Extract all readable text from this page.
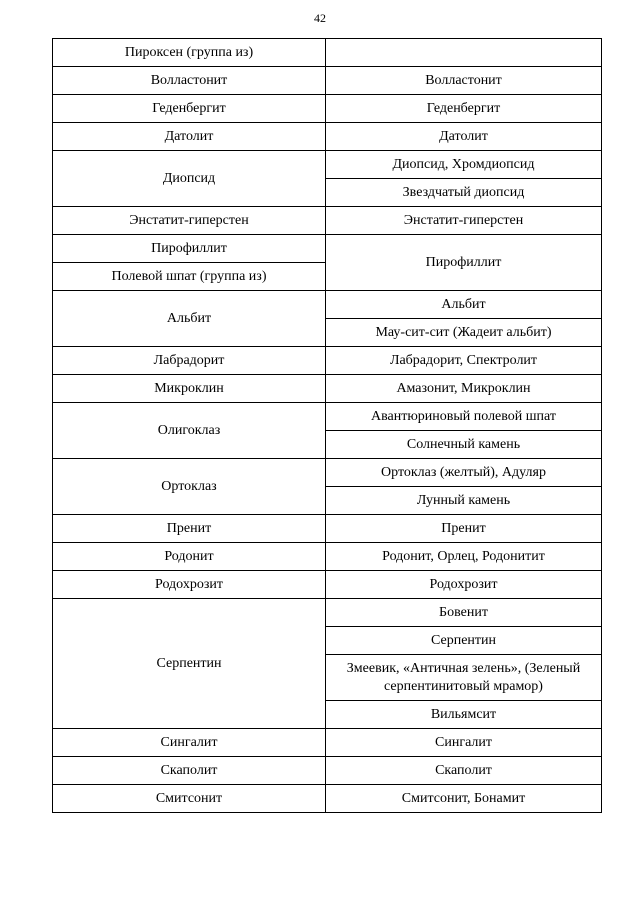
42
Пироксен (группа из)	
Волластонит	Волластонит
Геденбергит	Геденбергит
Датолит	Датолит
Диопсид	Диопсид, Хромдиопсид
	Звездчатый диопсид
Энстатит-гиперстен	Энстатит-гиперстен
Пирофиллит	Пирофиллит
Полевой шпат (группа из)	
Альбит	Альбит
	Мау-сит-сит (Жадеит альбит)
Лабрадорит	Лабрадорит, Спектролит
Микроклин	Амазонит, Микроклин
Олигоклаз	Авантюриновый полевой шпат
	Солнечный камень
Ортоклаз	Ортоклаз (желтый), Адуляр
	Лунный камень
Пренит	Пренит
Родонит	Родонит, Орлец, Родонитит
Родохрозит	Родохрозит
Серпентин	Бовенит
	Серпентин
	Змеевик, «Античная зелень», (Зеленый серпентинитовый мрамор)
	Вильямсит
Сингалит	Сингалит
Скаполит	Скаполит
Смитсонит	Смитсонит, Бонамит
